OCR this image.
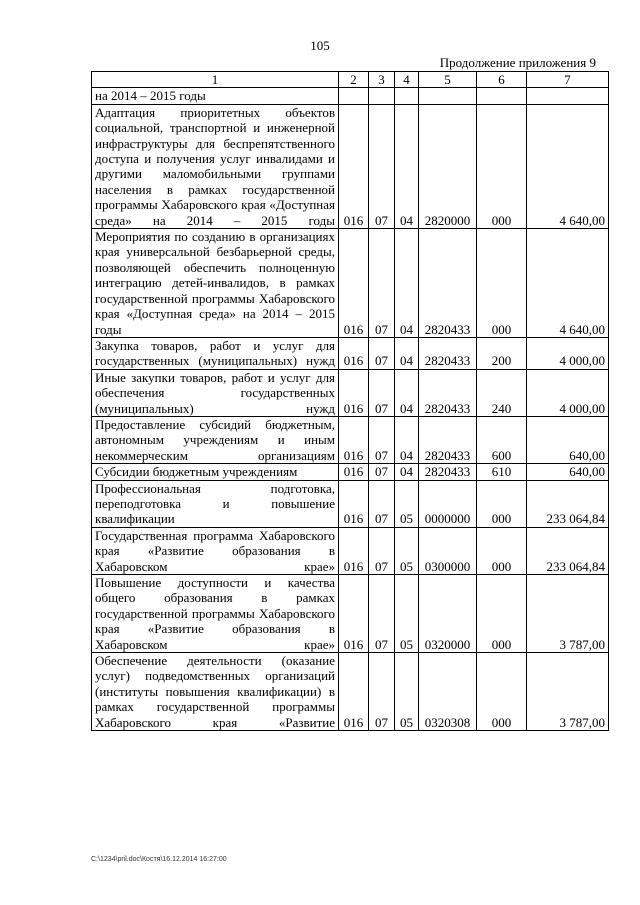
105
Продолжение приложения 9
1	2	3	4	5	6	7
на 2014 – 2015 годы						
Адаптация приоритетных объектов социальной, транспортной и инженерной инфраструктуры для беспрепятственного доступа и получения услуг инвалидами и другими маломобильными группами населения в рамках государственной программы Хабаровского края «Доступная среда» на 2014 – 2015 годы	016	07	04	2820000	000	4 640,00
Мероприятия по созданию в организациях края универсальной безбарьерной среды, позволяющей обеспечить полноценную интеграцию детей-инвалидов, в рамках государственной программы Хабаровского края «Доступная среда» на 2014 – 2015 годы	016	07	04	2820433	000	4 640,00
Закупка товаров, работ и услуг для государственных (муниципальных) нужд	016	07	04	2820433	200	4 000,00
Иные закупки товаров, работ и услуг для обеспечения государственных (муниципальных) нужд	016	07	04	2820433	240	4 000,00
Предоставление субсидий бюджетным, автономным учреждениям и иным некоммерческим организациям	016	07	04	2820433	600	640,00
Субсидии бюджетным учреждениям	016	07	04	2820433	610	640,00
Профессиональная подготовка, переподготовка и повышение квалификации	016	07	05	0000000	000	233 064,84
Государственная программа Хабаровского края «Развитие образования в Хабаровском крае»	016	07	05	0300000	000	233 064,84
Повышение доступности и качества общего образования в рамках государственной программы Хабаровского края «Развитие образования в Хабаровском крае»	016	07	05	0320000	000	3 787,00
Обеспечение деятельности (оказание услуг) подведомственных организаций (институты повышения квалификации) в рамках государственной программы Хабаровского края «Развитие	016	07	05	0320308	000	3 787,00
C:\1234\pril.doc\Костя\16.12.2014 16:27:00
